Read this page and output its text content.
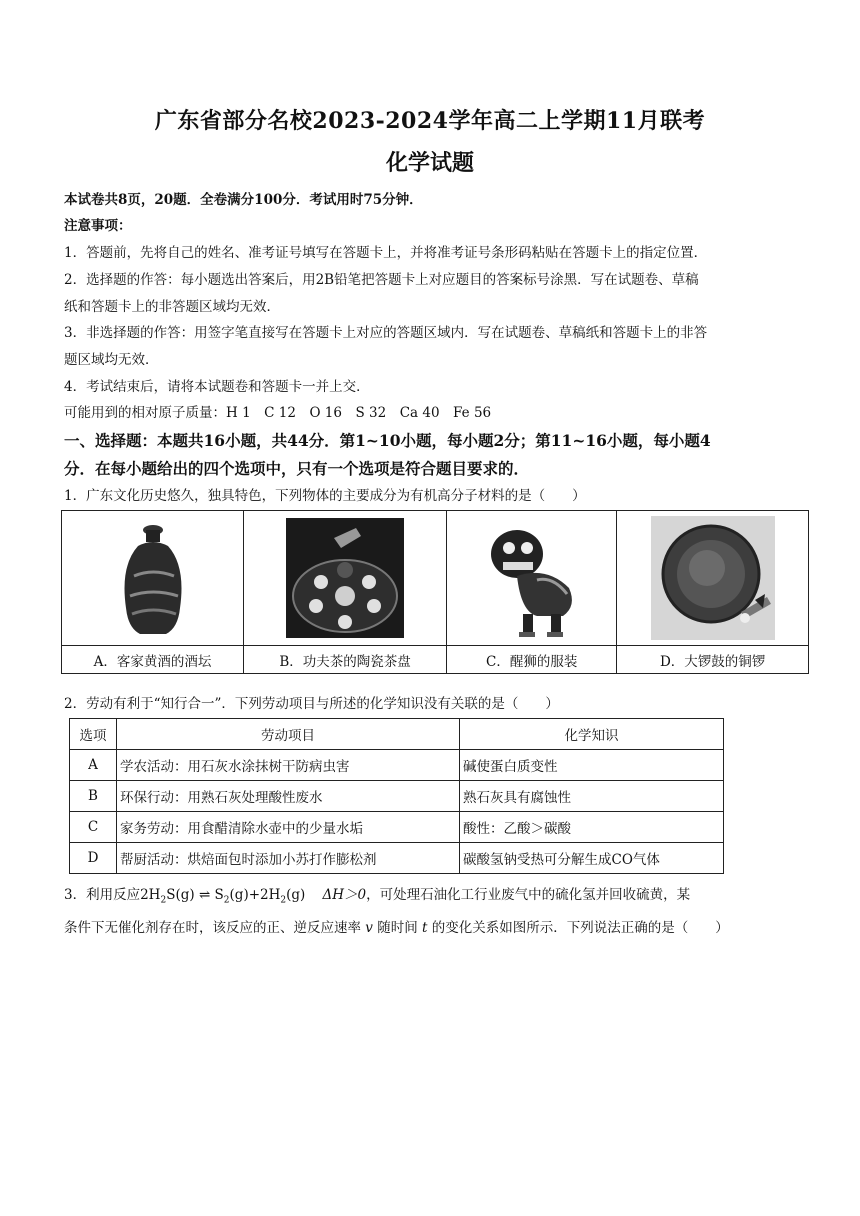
广东省部分名校2023-2024学年高二上学期11月联考
化学试题
本试卷共8页，20题．全卷满分100分．考试用时75分钟．
注意事项：
1．答题前，先将自己的姓名、准考证号填写在答题卡上，并将准考证号条形码粘贴在答题卡上的指定位置．
2．选择题的作答：每小题选出答案后，用2B铅笔把答题卡上对应题目的答案标号涂黑．写在试题卷、草稿
纸和答题卡上的非答题区域均无效．
3．非选择题的作答：用签字笔直接写在答题卡上对应的答题区域内．写在试题卷、草稿纸和答题卡上的非答
题区域均无效．
4．考试结束后，请将本试题卷和答题卡一并上交．
可能用到的相对原子质量：H 1　C 12　O 16　S 32　Ca 40　Fe 56
一、选择题：本题共16小题，共44分．第1~10小题，每小题2分；第11~16小题，每小题4
分．在每小题给出的四个选项中，只有一个选项是符合题目要求的．
1．广东文化历史悠久，独具特色，下列物体的主要成分为有机高分子材料的是（　　）

A．客家黄酒的酒坛	B．功夫茶的陶瓷茶盘	C．醒狮的服装	D．大锣鼓的铜锣
2．劳动有利于“知行合一”．下列劳动项目与所述的化学知识没有关联的是（　　）
选项	劳动项目	化学知识
A	学农活动：用石灰水涂抹树干防病虫害	碱使蛋白质变性
B	环保行动：用熟石灰处理酸性废水	熟石灰具有腐蚀性
C	家务劳动：用食醋清除水壶中的少量水垢	酸性：乙酸＞碳酸
D	帮厨活动：烘焙面包时添加小苏打作膨松剂	碳酸氢钠受热可分解生成CO气体
3．利用反应$2H_2S(g)$ ⇌ $S_2(g)+2H_2(g)$ ΔH＞0，可处理石油化工行业废气中的硫化氢并回收硫黄，某
条件下无催化剂存在时，该反应的正、逆反应速率 v 随时间 t 的变化关系如图所示．下列说法正确的是（　　）
